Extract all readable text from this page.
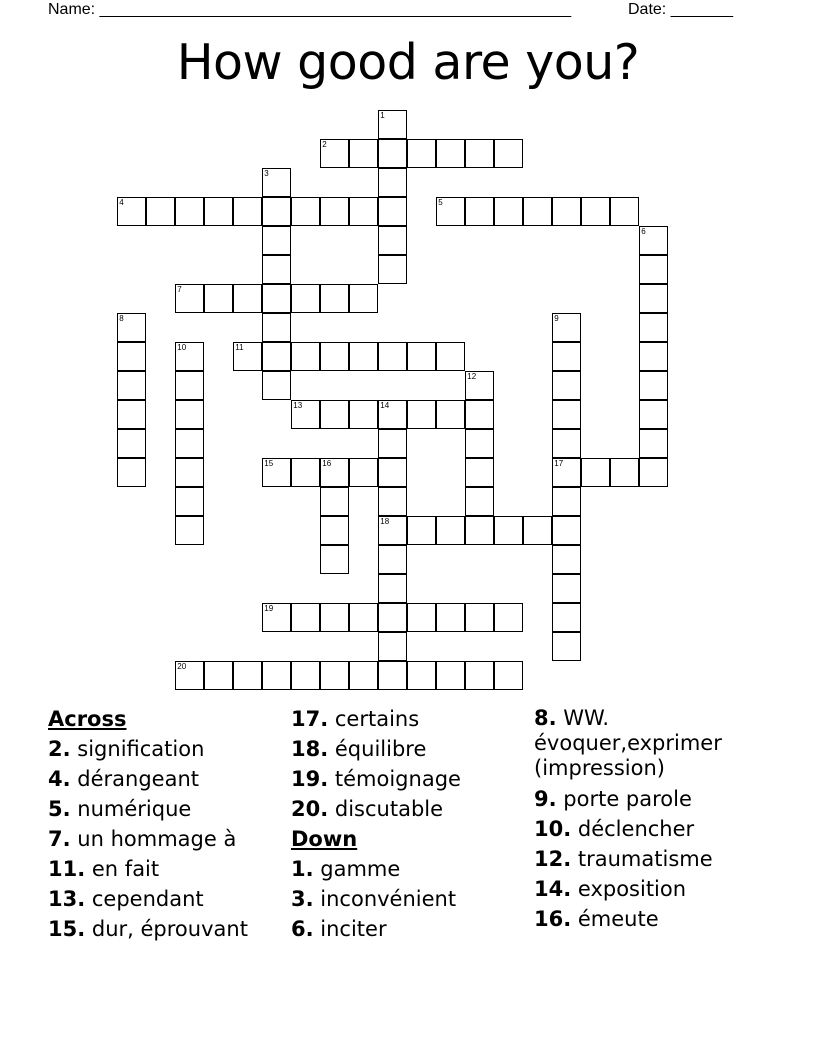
Name: _____________________________________________________	Date: _______
How good are you?
1
2
3
4	5
6
7
8	9
17
10	11
12
13	14
18
15	16
19
20
Across
2. signification
4. dérangeant
5. numérique
7. un hommage à
11. en fait
13. cependant
15. dur, éprouvant
17. certains
18. équilibre
19. témoignage
20. discutable
Down
1. gamme
3. inconvénient
6. inciter
8. WW. évoquer,exprimer (impression)
9. porte parole
10. déclencher
12. traumatisme
14. exposition
16. émeute
